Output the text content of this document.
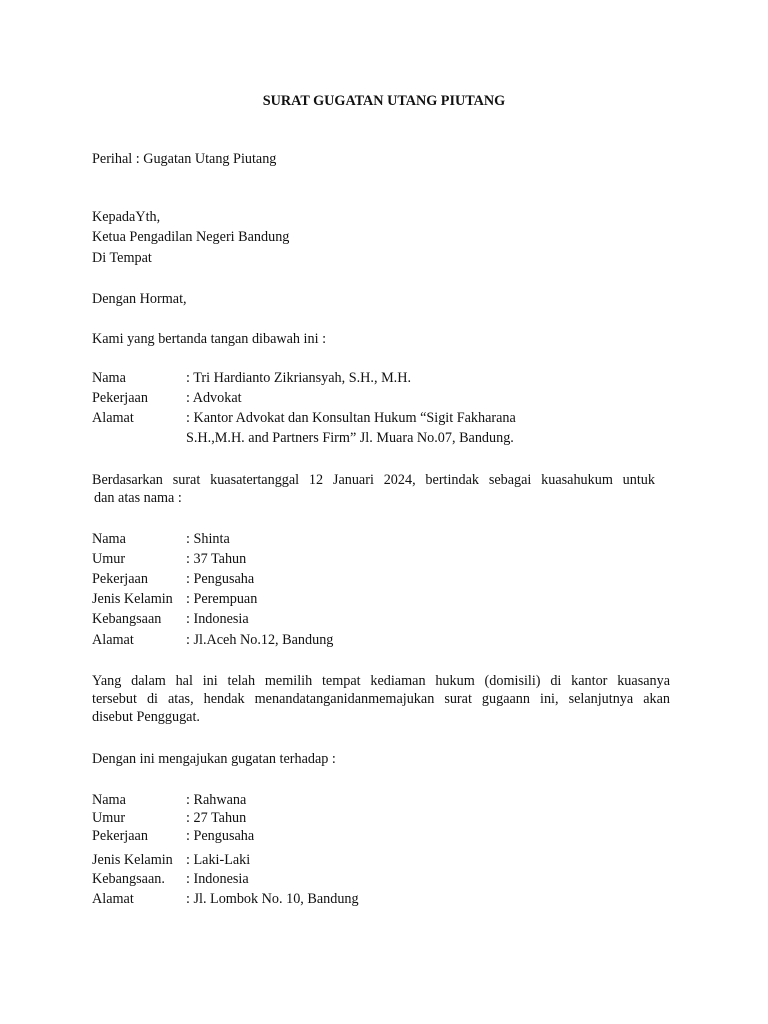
SURAT GUGATAN UTANG PIUTANG
Perihal : Gugatan Utang Piutang
KepadaYth,
Ketua Pengadilan Negeri Bandung
Di Tempat
Dengan Hormat,
Kami yang bertanda tangan dibawah ini :
Nama	: Tri Hardianto Zikriansyah, S.H., M.H.
Pekerjaan	: Advokat
Alamat	: Kantor Advokat dan Konsultan Hukum “Sigit Fakharana
S.H.,M.H. and Partners Firm” Jl. Muara No.07, Bandung.
Berdasarkan surat kuasatertanggal 12 Januari 2024, bertindak sebagai kuasahukum untuk
dan atas nama :
Nama	: Shinta
Umur	: 37 Tahun
Pekerjaan	: Pengusaha
Jenis Kelamin : Perempuan
Kebangsaan : Indonesia
Alamat	: Jl.Aceh No.12, Bandung
Yang dalam hal ini telah memilih tempat kediaman hukum (domisili) di kantor kuasanya
tersebut di atas, hendak menandatanganidanmemajukan surat gugaann ini, selanjutnya akan
disebut Penggugat.
Dengan ini mengajukan gugatan terhadap :
Nama	: Rahwana
Umur	: 27 Tahun
Pekerjaan	: Pengusaha
Jenis Kelamin : Laki-Laki
Kebangsaan. : Indonesia
Alamat	: Jl. Lombok No. 10, Bandung
